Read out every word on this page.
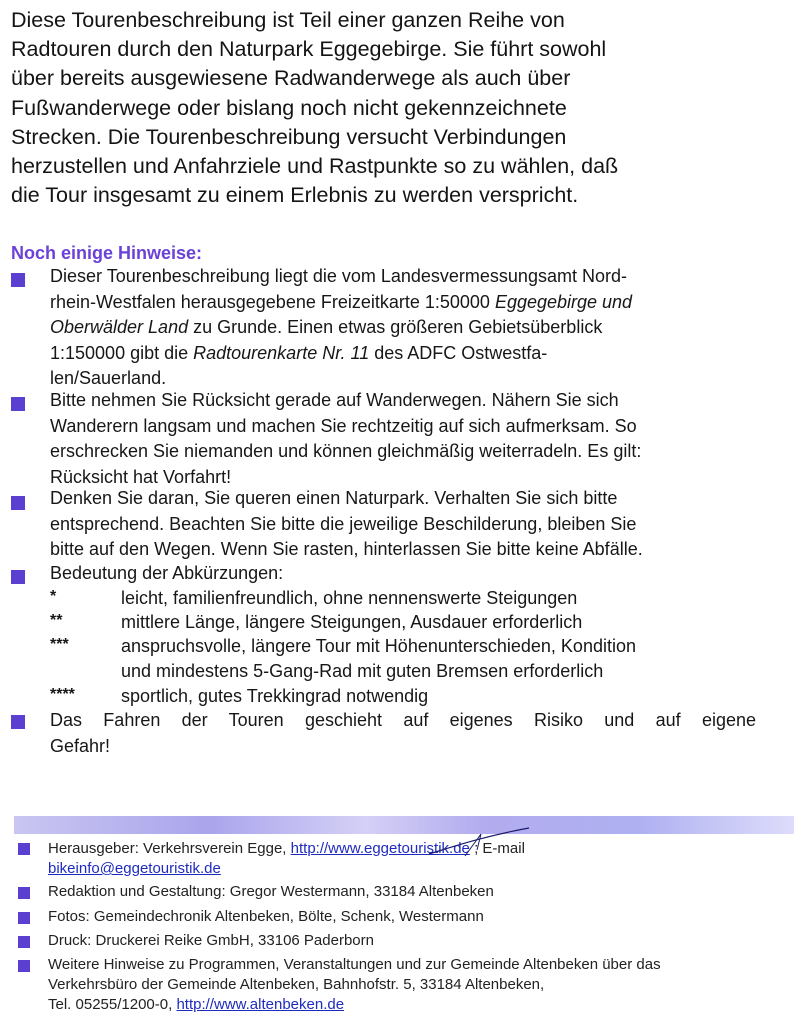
Diese Tourenbeschreibung ist Teil einer ganzen Reihe von
Radtouren durch den Naturpark Eggegebirge. Sie führt sowohl
über bereits ausgewiesene Radwanderwege als auch über
Fußwanderwege oder bislang noch nicht gekennzeichnete
Strecken. Die Tourenbeschreibung versucht Verbindungen
herzustellen und Anfahrziele und Rastpunkte so zu wählen, daß
die Tour insgesamt zu einem Erlebnis zu werden verspricht.
Noch einige Hinweise:
Dieser Tourenbeschreibung liegt die vom Landesvermessungsamt Nord-
rhein-Westfalen herausgegebene Freizeitkarte 1:50000 Eggegebirge und
Oberwälder Land zu Grunde. Einen etwas größeren Gebietsüberblick
1:150000 gibt die Radtourenkarte Nr. 11 des ADFC Ostwestfa-
len/Sauerland.
Bitte nehmen Sie Rücksicht gerade auf Wanderwegen. Nähern Sie sich
Wanderern langsam und machen Sie rechtzeitig auf sich aufmerksam. So
erschrecken Sie niemanden und können gleichmäßig weiterradeln. Es gilt:
Rücksicht hat Vorfahrt!
Denken Sie daran, Sie queren einen Naturpark. Verhalten Sie sich bitte
entsprechend. Beachten Sie bitte die jeweilige Beschilderung, bleiben Sie
bitte auf den Wegen. Wenn Sie rasten, hinterlassen Sie bitte keine Abfälle.
Bedeutung der Abkürzungen:
*	leicht, familienfreundlich, ohne nennenswerte Steigungen
**	mittlere Länge, längere Steigungen, Ausdauer erforderlich
***	anspruchsvolle, längere Tour mit Höhenunterschieden, Kondition
und mindestens 5-Gang-Rad mit guten Bremsen erforderlich
****	sportlich, gutes Trekkingrad notwendig
Das Fahren der Touren geschieht auf eigenes Risiko und auf eigene
Gefahr!
Herausgeber: Verkehrsverein Egge, http://www.eggetouristik.de ; E-mail
bikeinfo@eggetouristik.de
Redaktion und Gestaltung: Gregor Westermann, 33184 Altenbeken
Fotos: Gemeindechronik Altenbeken, Bölte, Schenk, Westermann
Druck: Druckerei Reike GmbH, 33106 Paderborn
Weitere Hinweise zu Programmen, Veranstaltungen und zur Gemeinde Altenbeken über das
Verkehrsbüro der Gemeinde Altenbeken, Bahnhofstr. 5, 33184 Altenbeken,
Tel. 05255/1200-0, http://www.altenbeken.de
